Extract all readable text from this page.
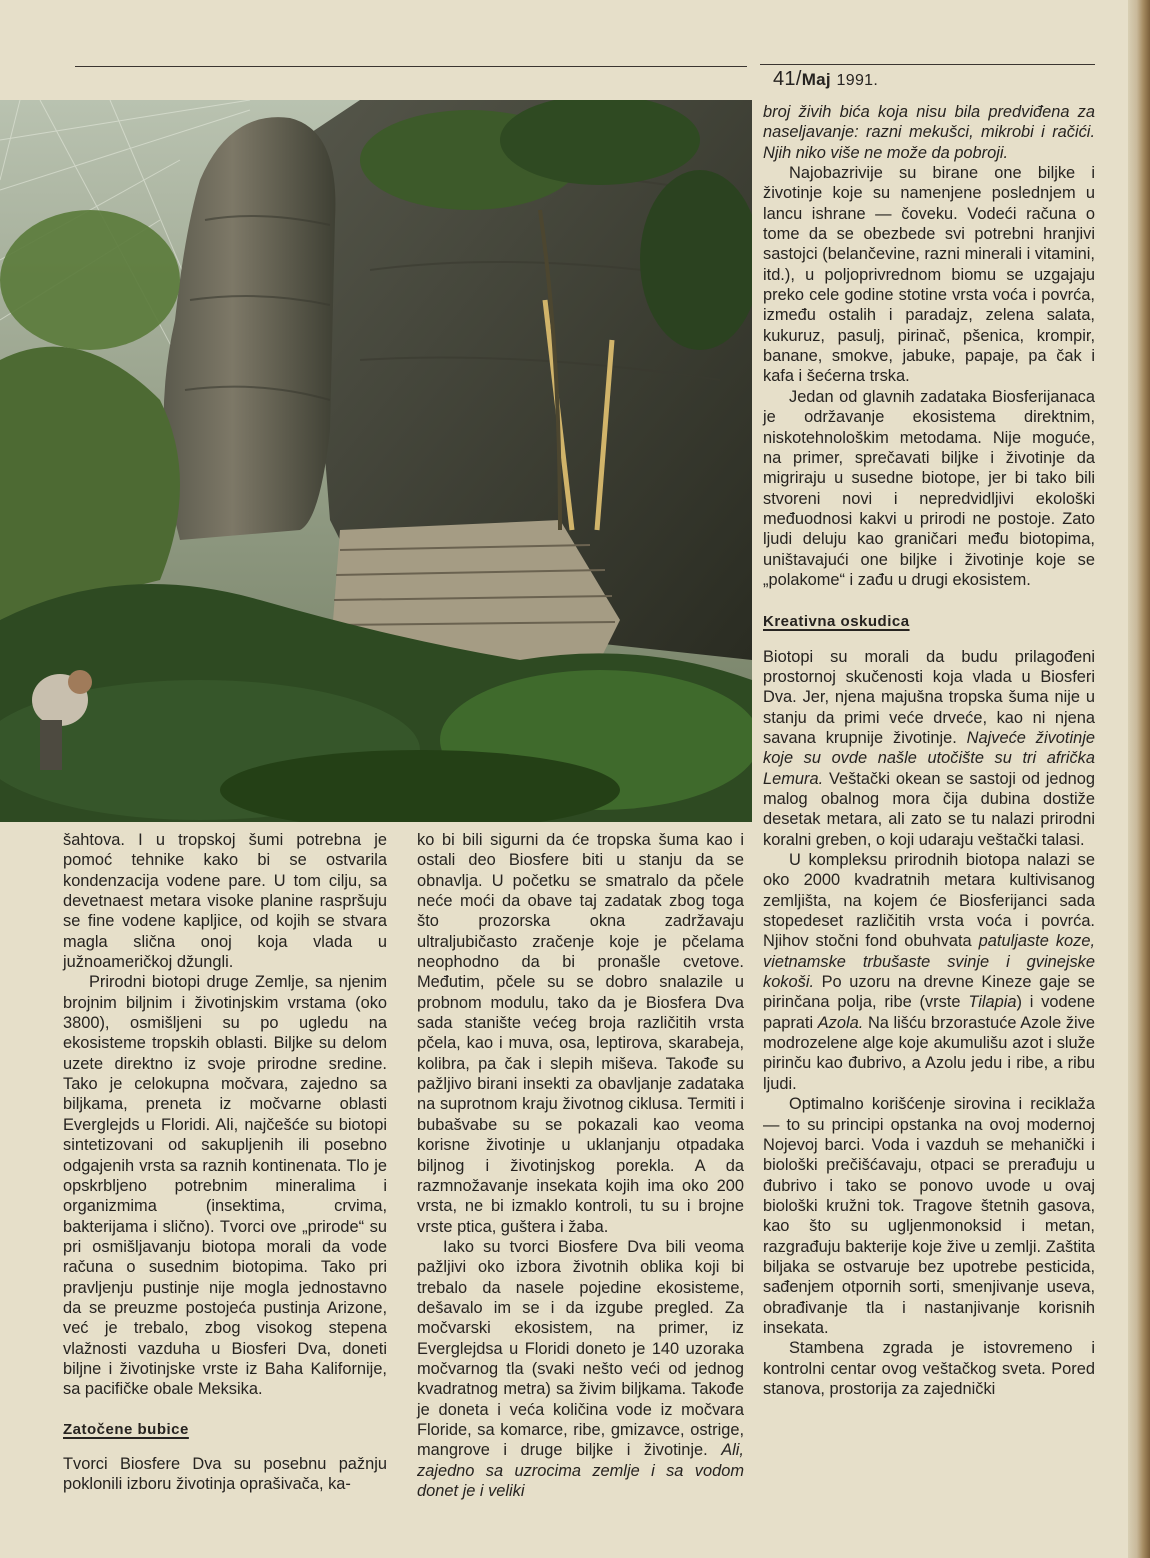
41/Maj 1991.

šahtova. I u tropskoj šumi potrebna je pomoć tehnike kako bi se ostvarila kondenzacija vodene pare. U tom cilju, sa devetnaest metara visoke planine raspršuju se fine vodene kapljice, od kojih se stvara magla slična onoj koja vlada u južnoameričkoj džungli.

Prirodni biotopi druge Zemlje, sa njenim brojnim biljnim i životinjskim vrstama (oko 3800), osmišljeni su po ugledu na ekosisteme tropskih oblasti. Biljke su delom uzete direktno iz svoje prirodne sredine. Tako je celokupna močvara, zajedno sa biljkama, preneta iz močvarne oblasti Everglejds u Floridi. Ali, najčešće su biotopi sintetizovani od sakupljenih ili posebno odgajenih vrsta sa raznih kontinenata. Tlo je opskrbljeno potrebnim mineralima i organizmima (insektima, crvima, bakterijama i slično). Tvorci ove „prirode“ su pri osmišljavanju biotopa morali da vode računa o susednim biotopima. Tako pri pravljenju pustinje nije mogla jednostavno da se preuzme postojeća pustinja Arizone, već je trebalo, zbog visokog stepena vlažnosti vazduha u Biosferi Dva, doneti biljne i životinjske vrste iz Baha Kalifornije, sa pacifičke obale Meksika.

Zatočene bubice

Tvorci Biosfere Dva su posebnu pažnju poklonili izboru životinja oprašivača, ka-

ko bi bili sigurni da će tropska šuma kao i ostali deo Biosfere biti u stanju da se obnavlja. U početku se smatralo da pčele neće moći da obave taj zadatak zbog toga što prozorska okna zadržavaju ultraljubičasto zračenje koje je pčelama neophodno da bi pronašle cvetove. Međutim, pčele su se dobro snalazile u probnom modulu, tako da je Biosfera Dva sada stanište većeg broja različitih vrsta pčela, kao i muva, osa, leptirova, skarabeja, kolibra, pa čak i slepih miševa. Takođe su pažljivo birani insekti za obavljanje zadataka na suprotnom kraju životnog ciklusa. Termiti i bubašvabe su se pokazali kao veoma korisne životinje u uklanjanju otpadaka biljnog i životinjskog porekla. A da razmnožavanje insekata kojih ima oko 200 vrsta, ne bi izmaklo kontroli, tu su i brojne vrste ptica, guštera i žaba.

Iako su tvorci Biosfere Dva bili veoma pažljivi oko izbora životnih oblika koji bi trebalo da nasele pojedine ekosisteme, dešavalo im se i da izgube pregled. Za močvarski ekosistem, na primer, iz Everglejdsa u Floridi doneto je 140 uzoraka močvarnog tla (svaki nešto veći od jednog kvadratnog metra) sa živim biljkama. Takođe je doneta i veća količina vode iz močvara Floride, sa komarce, ribe, gmizavce, ostrige, mangrove i druge biljke i životinje. Ali, zajedno sa uzrocima zemlje i sa vodom donet je i veliki

broj živih bića koja nisu bila predviđena za naseljavanje: razni mekušci, mikrobi i račići. Njih niko više ne može da pobroji.

Najobazrivije su birane one biljke i životinje koje su namenjene poslednjem u lancu ishrane — čoveku. Vodeći računa o tome da se obezbede svi potrebni hranjivi sastojci (belančevine, razni minerali i vitamini, itd.), u poljoprivrednom biomu se uzgajaju preko cele godine stotine vrsta voća i povrća, između ostalih i paradajz, zelena salata, kukuruz, pasulj, pirinač, pšenica, krompir, banane, smokve, jabuke, papaje, pa čak i kafa i šećerna trska.

Jedan od glavnih zadataka Biosferijanaca je održavanje ekosistema direktnim, niskotehnološkim metodama. Nije moguće, na primer, sprečavati biljke i životinje da migriraju u susedne biotope, jer bi tako bili stvoreni novi i nepredvidljivi ekološki međuodnosi kakvi u prirodi ne postoje. Zato ljudi deluju kao graničari među biotopima, uništavajući one biljke i životinje koje se „polakome“ i zađu u drugi ekosistem.

Kreativna oskudica

Biotopi su morali da budu prilagođeni prostornoj skučenosti koja vlada u Biosferi Dva. Jer, njena majušna tropska šuma nije u stanju da primi veće drveće, kao ni njena savana krupnije životinje. Najveće životinje koje su ovde našle utočište su tri afrička Lemura. Veštački okean se sastoji od jednog malog obalnog mora čija dubina dostiže desetak metara, ali zato se tu nalazi prirodni koralni greben, o koji udaraju veštački talasi.

U kompleksu prirodnih biotopa nalazi se oko 2000 kvadratnih metara kultivisanog zemljišta, na kojem će Biosferijanci sada stopedeset različitih vrsta voća i povrća. Njihov stočni fond obuhvata patuljaste koze, vietnamske trbušaste svinje i gvinejske kokoši. Po uzoru na drevne Kineze gaje se pirinčana polja, ribe (vrste Tilapia) i vodene paprati Azola. Na lišću brzorastuće Azole žive modrozelene alge koje akumulišu azot i služe pirinču kao đubrivo, a Azolu jedu i ribe, a ribu ljudi.

Optimalno korišćenje sirovina i reciklaža — to su principi opstanka na ovoj modernoj Nojevoj barci. Voda i vazduh se mehanički i biološki prečišćavaju, otpaci se prerađuju u đubrivo i tako se ponovo uvode u ovaj biološki kružni tok. Tragove štetnih gasova, kao što su ugljenmonoksid i metan, razgrađuju bakterije koje žive u zemlji. Zaštita biljaka se ostvaruje bez upotrebe pesticida, sađenjem otpornih sorti, smenjivanje useva, obrađivanje tla i nastanjivanje korisnih insekata.

Stambena zgrada je istovremeno i kontrolni centar ovog veštačkog sveta. Pored stanova, prostorija za zajednički
